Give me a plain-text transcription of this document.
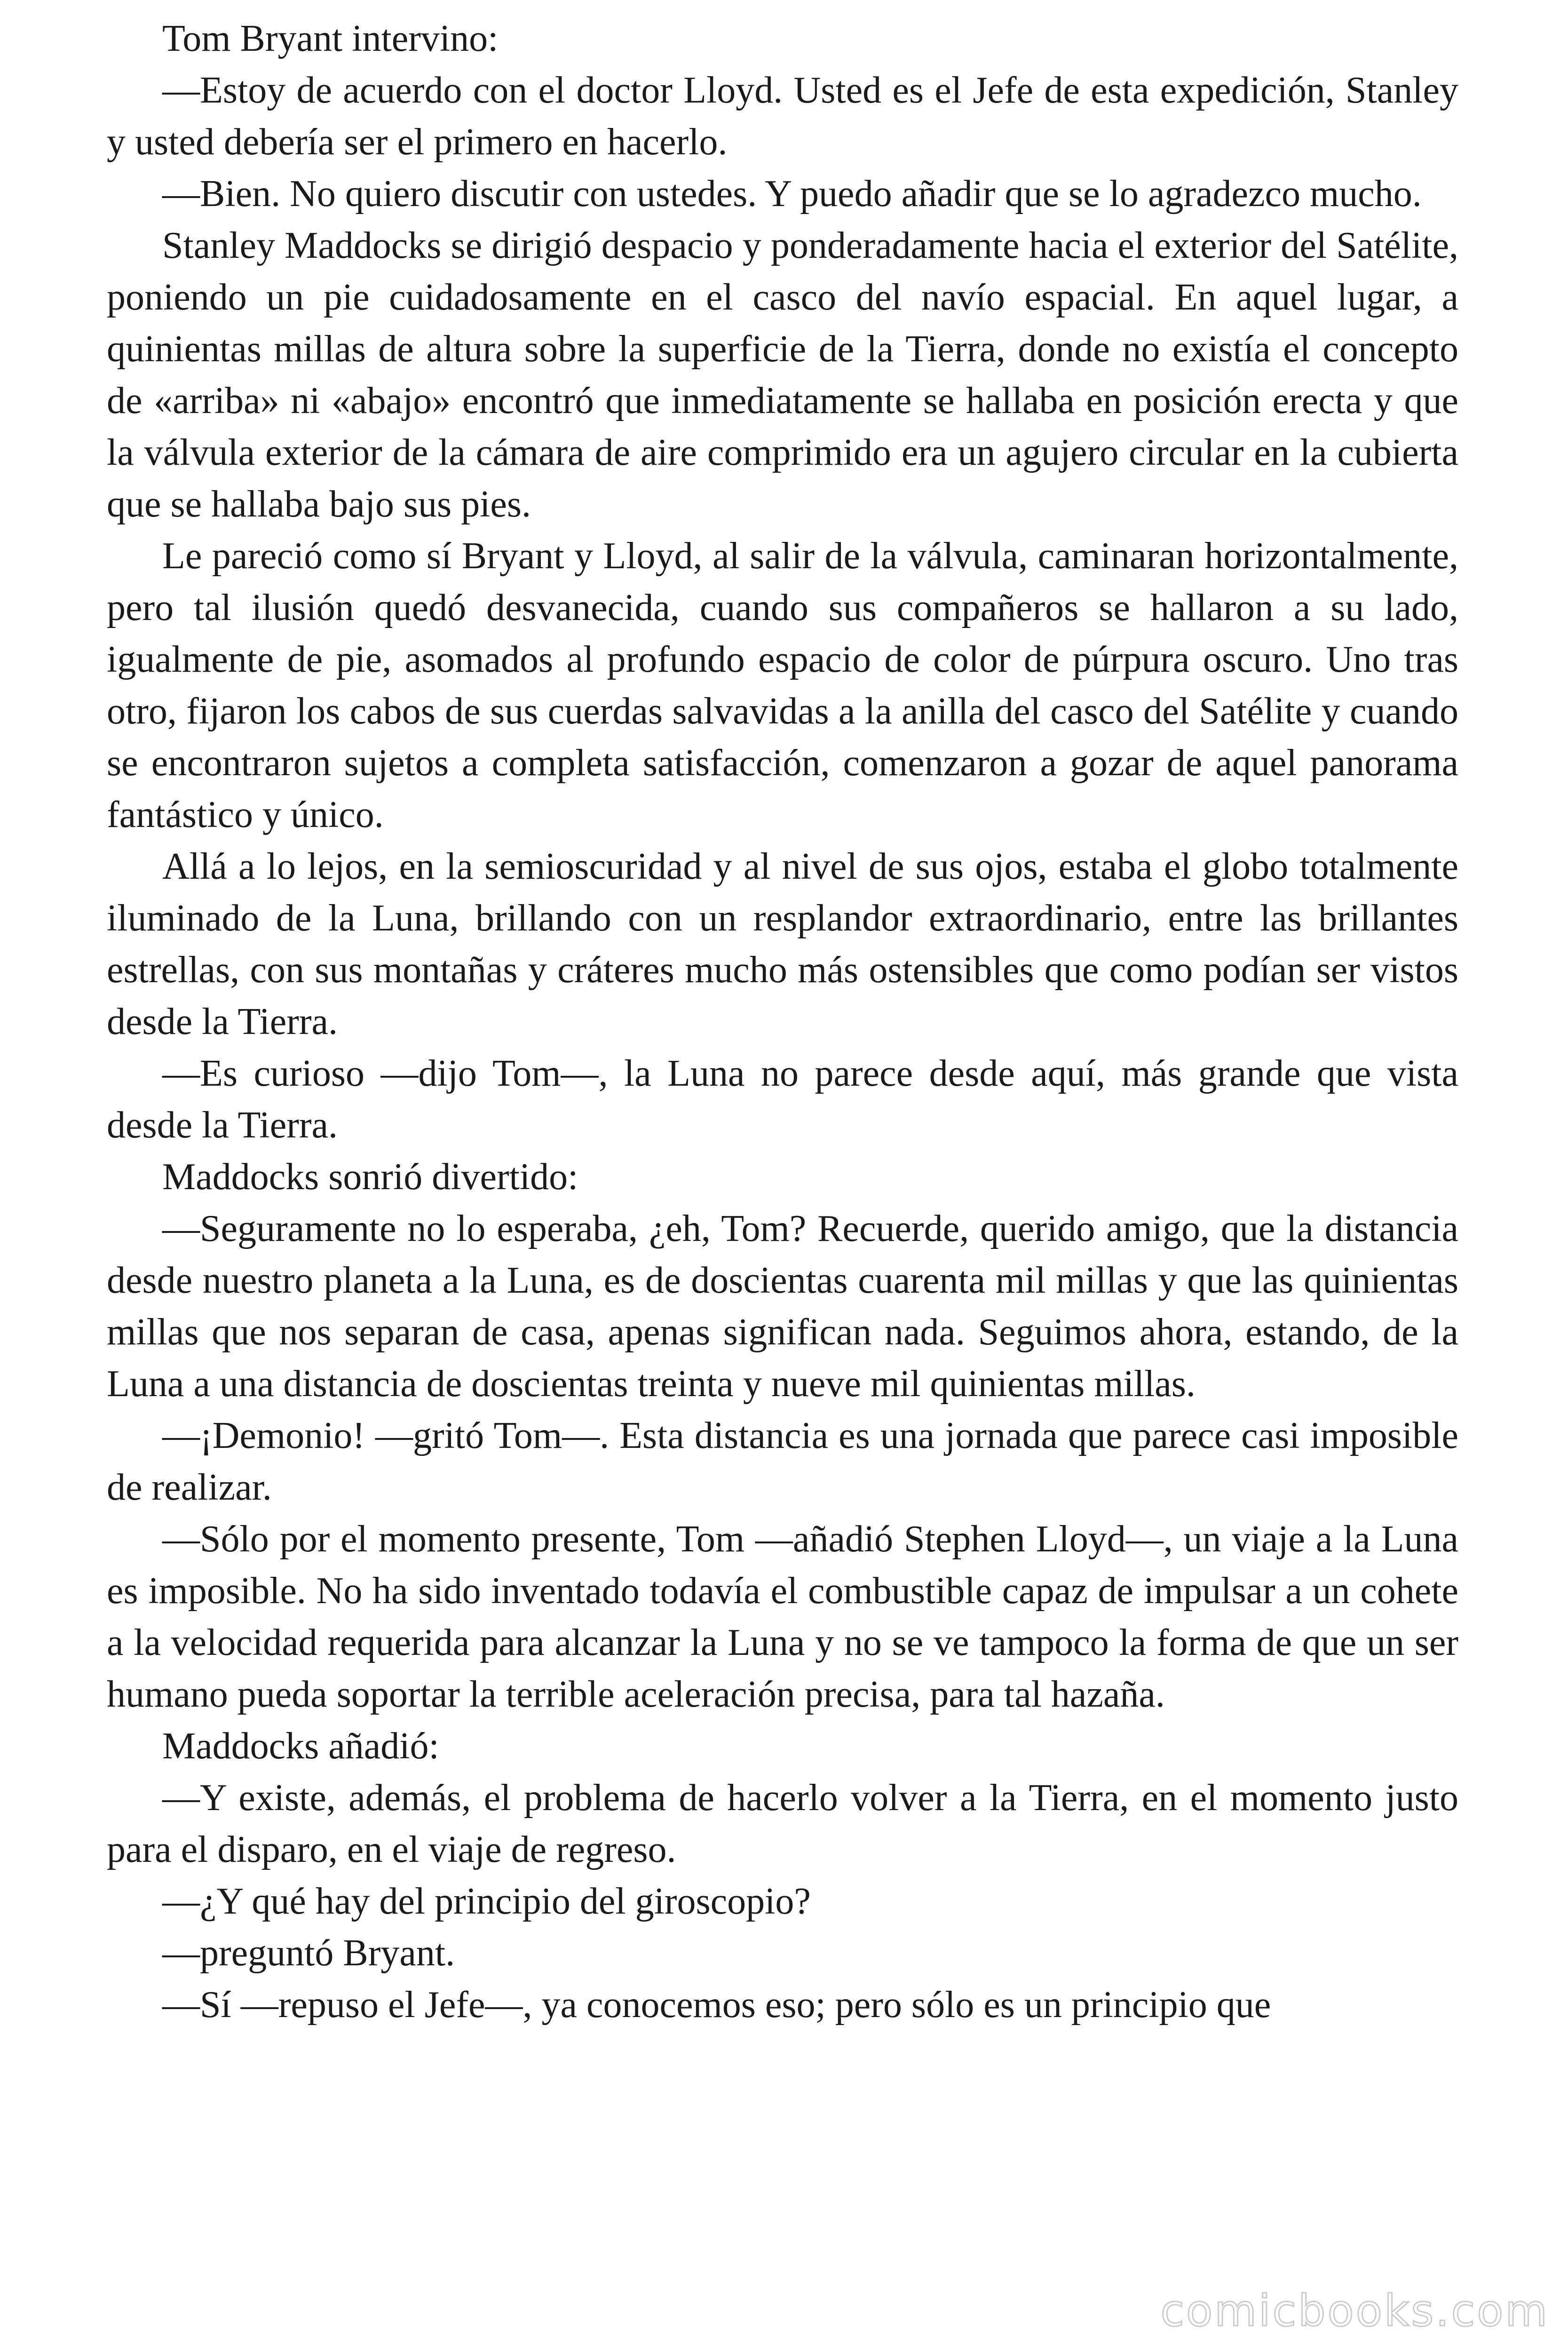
Tom Bryant intervino:

—Estoy de acuerdo con el doctor Lloyd. Usted es el Jefe de esta expedición, Stanley y usted debería ser el primero en hacerlo.

—Bien. No quiero discutir con ustedes. Y puedo añadir que se lo agradezco mucho.

Stanley Maddocks se dirigió despacio y ponderadamente hacia el exterior del Satélite, poniendo un pie cuidadosamente en el casco del navío espacial. En aquel lugar, a quinientas millas de altura sobre la superficie de la Tierra, donde no existía el concepto de «arriba» ni «abajo» encontró que inmediatamente se hallaba en posición erecta y que la válvula exterior de la cámara de aire comprimido era un agujero circular en la cubierta que se hallaba bajo sus pies.

Le pareció como sí Bryant y Lloyd, al salir de la válvula, caminaran horizontalmente, pero tal ilusión quedó desvanecida, cuando sus compañeros se hallaron a su lado, igualmente de pie, asomados al profundo espacio de color de púrpura oscuro. Uno tras otro, fijaron los cabos de sus cuerdas salvavidas a la anilla del casco del Satélite y cuando se encontraron sujetos a completa satisfacción, comenzaron a gozar de aquel panorama fantástico y único.

Allá a lo lejos, en la semioscuridad y al nivel de sus ojos, estaba el globo totalmente iluminado de la Luna, brillando con un resplandor extraordinario, entre las brillantes estrellas, con sus montañas y cráteres mucho más ostensibles que como podían ser vistos desde la Tierra.

—Es curioso —dijo Tom—, la Luna no parece desde aquí, más grande que vista desde la Tierra.

Maddocks sonrió divertido:

—Seguramente no lo esperaba, ¿eh, Tom? Recuerde, querido amigo, que la distancia desde nuestro planeta a la Luna, es de doscientas cuarenta mil millas y que las quinientas millas que nos separan de casa, apenas significan nada. Seguimos ahora, estando, de la Luna a una distancia de doscientas treinta y nueve mil quinientas millas.

—¡Demonio! —gritó Tom—. Esta distancia es una jornada que parece casi imposible de realizar.

—Sólo por el momento presente, Tom —añadió Stephen Lloyd—, un viaje a la Luna es imposible. No ha sido inventado todavía el combustible capaz de impulsar a un cohete a la velocidad requerida para alcanzar la Luna y no se ve tampoco la forma de que un ser humano pueda soportar la terrible aceleración precisa, para tal hazaña.

Maddocks añadió:

—Y existe, además, el problema de hacerlo volver a la Tierra, en el momento justo para el disparo, en el viaje de regreso.

—¿Y qué hay del principio del giroscopio?

—preguntó Bryant.

—Sí —repuso el Jefe—, ya conocemos eso; pero sólo es un principio que

comicbooks.com
